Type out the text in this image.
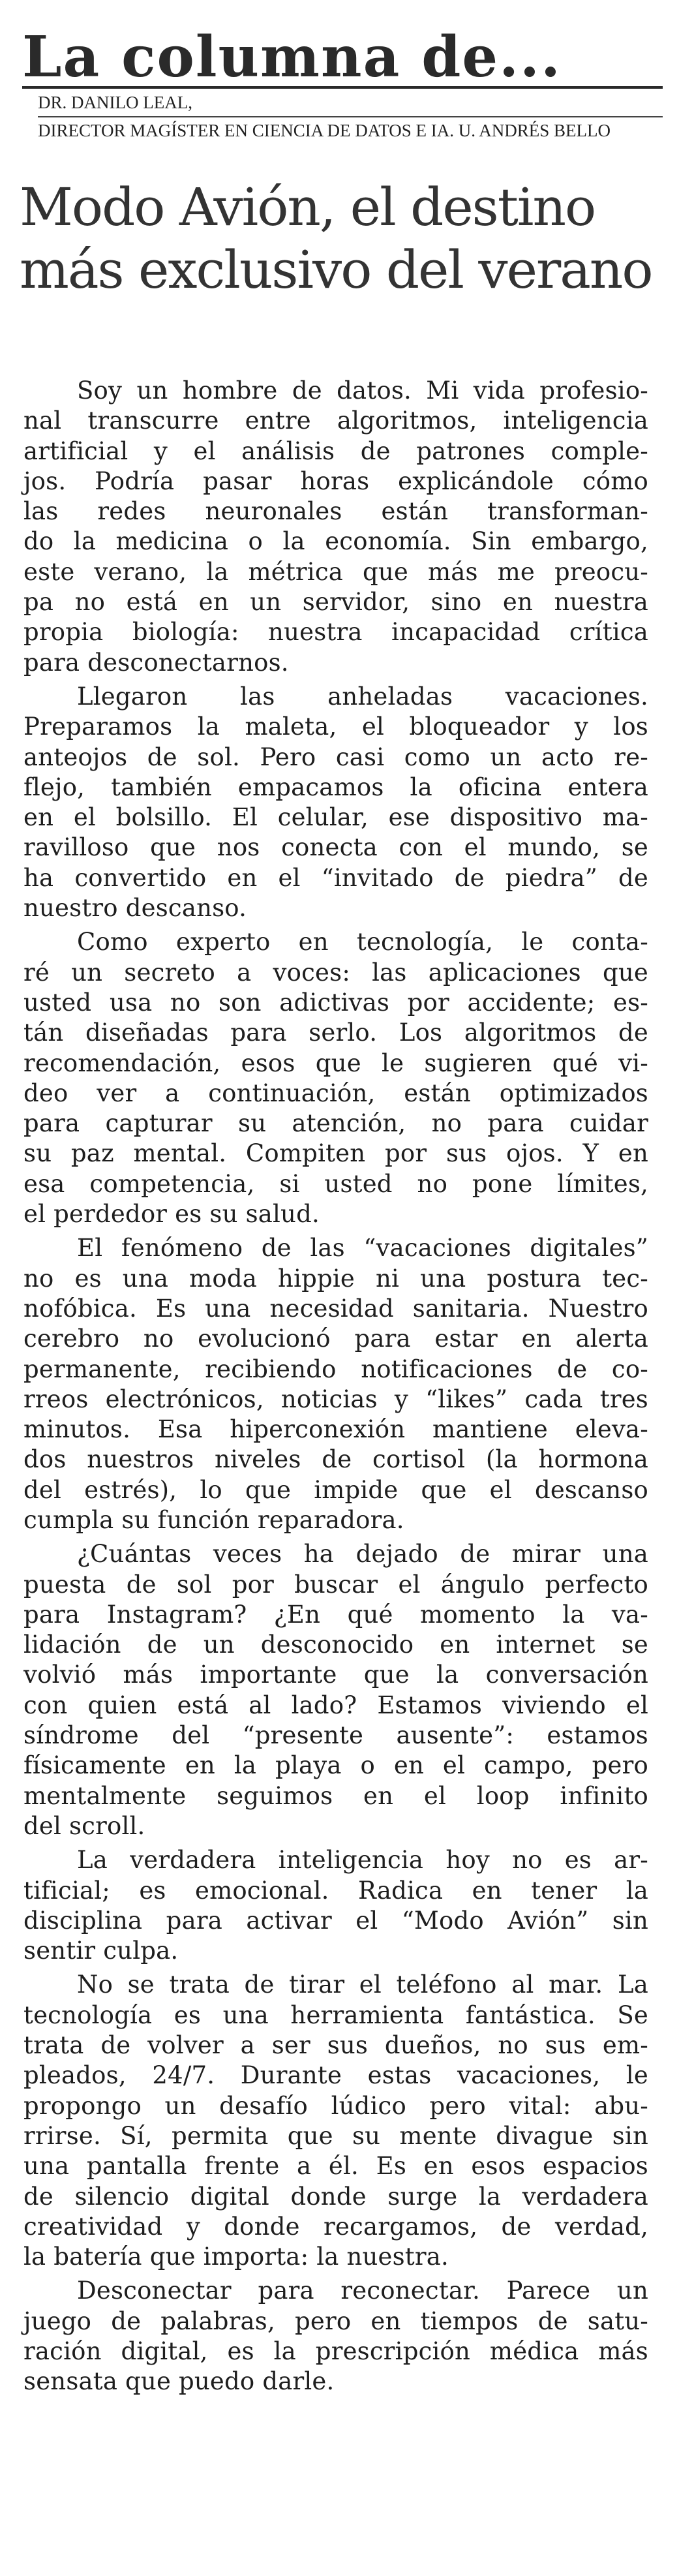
La columna de...

DR. DANILO LEAL,

DIRECTOR MAGÍSTER EN CIENCIA DE DATOS E IA. U. ANDRÉS BELLO

Modo Avión, el destino
más exclusivo del verano

Soy un hombre de datos. Mi vida profesio-
nal transcurre entre algoritmos, inteligencia
artificial y el análisis de patrones comple-
jos. Podría pasar horas explicándole cómo
las redes neuronales están transforman-
do la medicina o la economía. Sin embargo,
este verano, la métrica que más me preocu-
pa no está en un servidor, sino en nuestra
propia biología: nuestra incapacidad crítica
para desconectarnos.

Llegaron las anheladas vacaciones.
Preparamos la maleta, el bloqueador y los
anteojos de sol. Pero casi como un acto re-
flejo, también empacamos la oficina entera
en el bolsillo. El celular, ese dispositivo ma-
ravilloso que nos conecta con el mundo, se
ha convertido en el “invitado de piedra” de
nuestro descanso.

Como experto en tecnología, le conta-
ré un secreto a voces: las aplicaciones que
usted usa no son adictivas por accidente; es-
tán diseñadas para serlo. Los algoritmos de
recomendación, esos que le sugieren qué vi-
deo ver a continuación, están optimizados
para capturar su atención, no para cuidar
su paz mental. Compiten por sus ojos. Y en
esa competencia, si usted no pone límites,
el perdedor es su salud.

El fenómeno de las “vacaciones digitales”
no es una moda hippie ni una postura tec-
nofóbica. Es una necesidad sanitaria. Nuestro
cerebro no evolucionó para estar en alerta
permanente, recibiendo notificaciones de co-
rreos electrónicos, noticias y “likes” cada tres
minutos. Esa hiperconexión mantiene eleva-
dos nuestros niveles de cortisol (la hormona
del estrés), lo que impide que el descanso
cumpla su función reparadora.

¿Cuántas veces ha dejado de mirar una
puesta de sol por buscar el ángulo perfecto
para Instagram? ¿En qué momento la va-
lidación de un desconocido en internet se
volvió más importante que la conversación
con quien está al lado? Estamos viviendo el
síndrome del “presente ausente”: estamos
físicamente en la playa o en el campo, pero
mentalmente seguimos en el loop infinito
del scroll.

La verdadera inteligencia hoy no es ar-
tificial; es emocional. Radica en tener la
disciplina para activar el “Modo Avión” sin
sentir culpa.

No se trata de tirar el teléfono al mar. La
tecnología es una herramienta fantástica. Se
trata de volver a ser sus dueños, no sus em-
pleados, 24/7. Durante estas vacaciones, le
propongo un desafío lúdico pero vital: abu-
rrirse. Sí, permita que su mente divague sin
una pantalla frente a él. Es en esos espacios
de silencio digital donde surge la verdadera
creatividad y donde recargamos, de verdad,
la batería que importa: la nuestra.

Desconectar para reconectar. Parece un
juego de palabras, pero en tiempos de satu-
ración digital, es la prescripción médica más
sensata que puedo darle.
